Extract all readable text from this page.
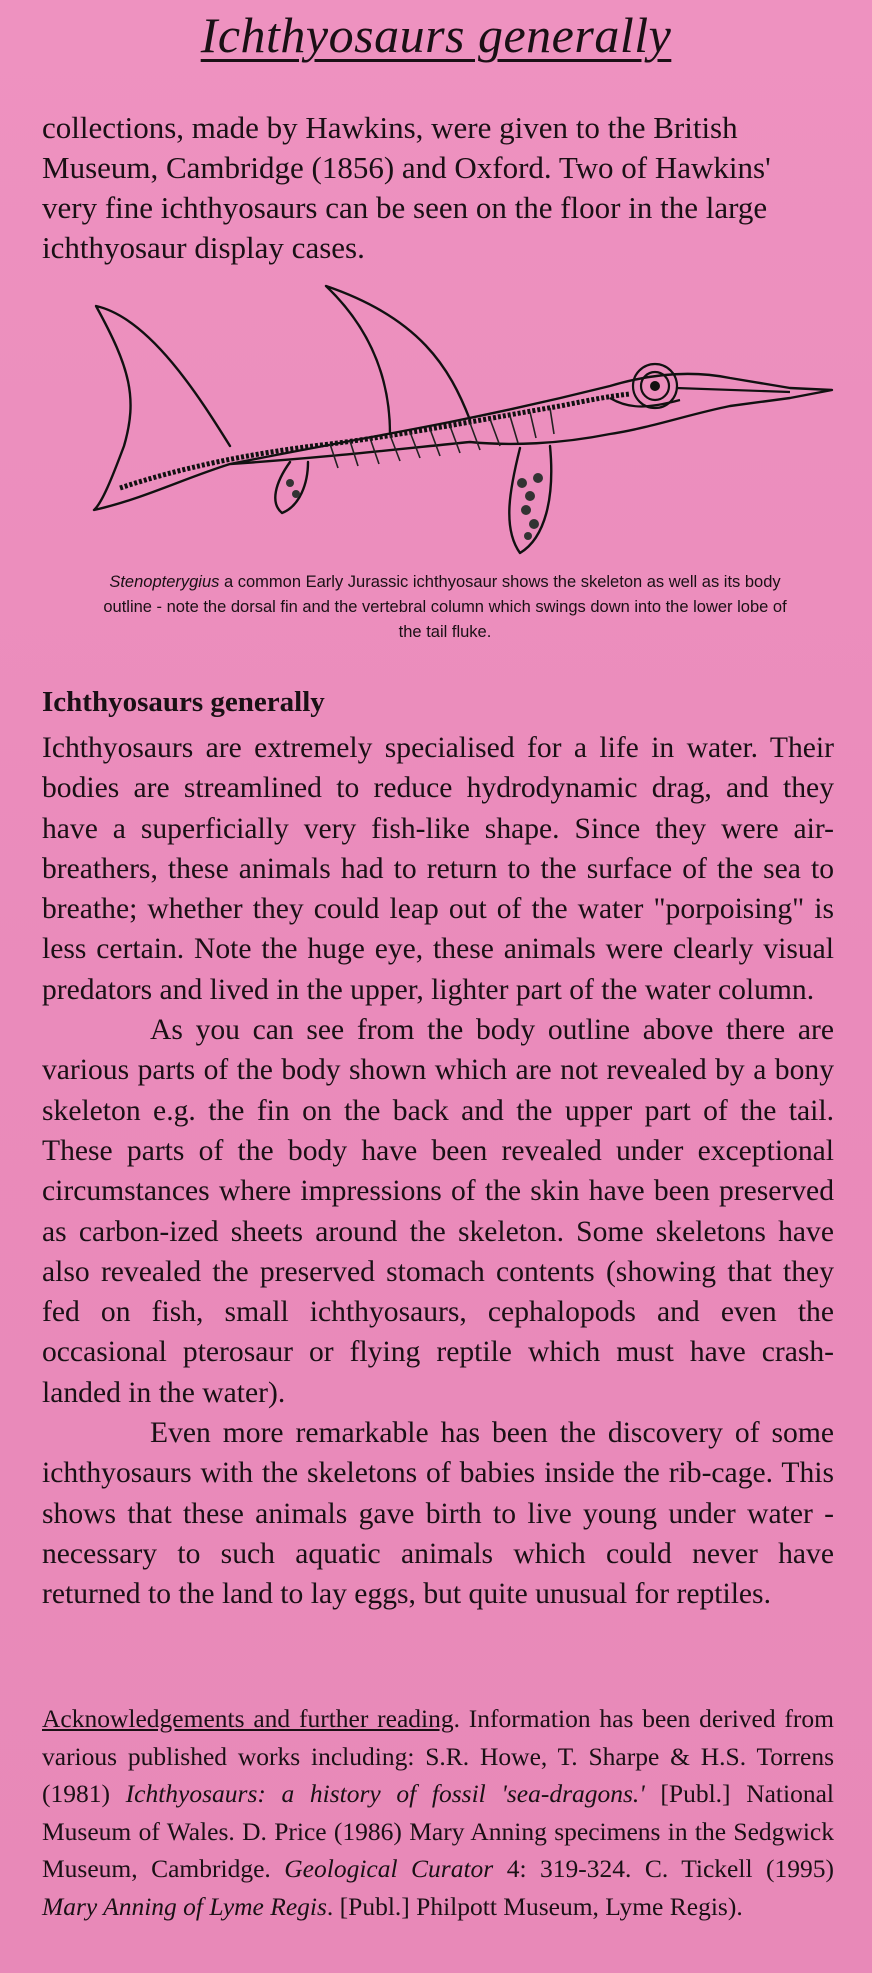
Ichthyosaurs generally

collections, made by Hawkins, were given to the British Museum, Cambridge (1856) and Oxford. Two of Hawkins' very fine ichthyosaurs can be seen on the floor in the large ichthyosaur display cases.

Stenopterygius a common Early Jurassic ichthyosaur shows the skeleton as well as its body outline - note the dorsal fin and the vertebral column which swings down into the lower lobe of the tail fluke.

Ichthyosaurs generally

Ichthyosaurs are extremely specialised for a life in water. Their bodies are streamlined to reduce hydrodynamic drag, and they have a superficially very fish-like shape. Since they were air-breathers, these animals had to return to the surface of the sea to breathe; whether they could leap out of the water "porpoising" is less certain. Note the huge eye, these animals were clearly visual predators and lived in the upper, lighter part of the water column.

As you can see from the body outline above there are various parts of the body shown which are not revealed by a bony skeleton e.g. the fin on the back and the upper part of the tail. These parts of the body have been revealed under exceptional circumstances where impressions of the skin have been preserved as carbon-ized sheets around the skeleton. Some skeletons have also revealed the preserved stomach contents (showing that they fed on fish, small ichthyosaurs, cephalopods and even the occasional pterosaur or flying reptile which must have crash-landed in the water).

Even more remarkable has been the discovery of some ichthyosaurs with the skeletons of babies inside the rib-cage. This shows that these animals gave birth to live young under water - necessary to such aquatic animals which could never have returned to the land to lay eggs, but quite unusual for reptiles.

Acknowledgements and further reading. Information has been derived from various published works including: S.R. Howe, T. Sharpe & H.S. Torrens (1981) Ichthyosaurs: a history of fossil 'sea-dragons.' [Publ.] National Museum of Wales. D. Price (1986) Mary Anning specimens in the Sedgwick Museum, Cambridge. Geological Curator 4: 319-324. C. Tickell (1995) Mary Anning of Lyme Regis. [Publ.] Philpott Museum, Lyme Regis).
